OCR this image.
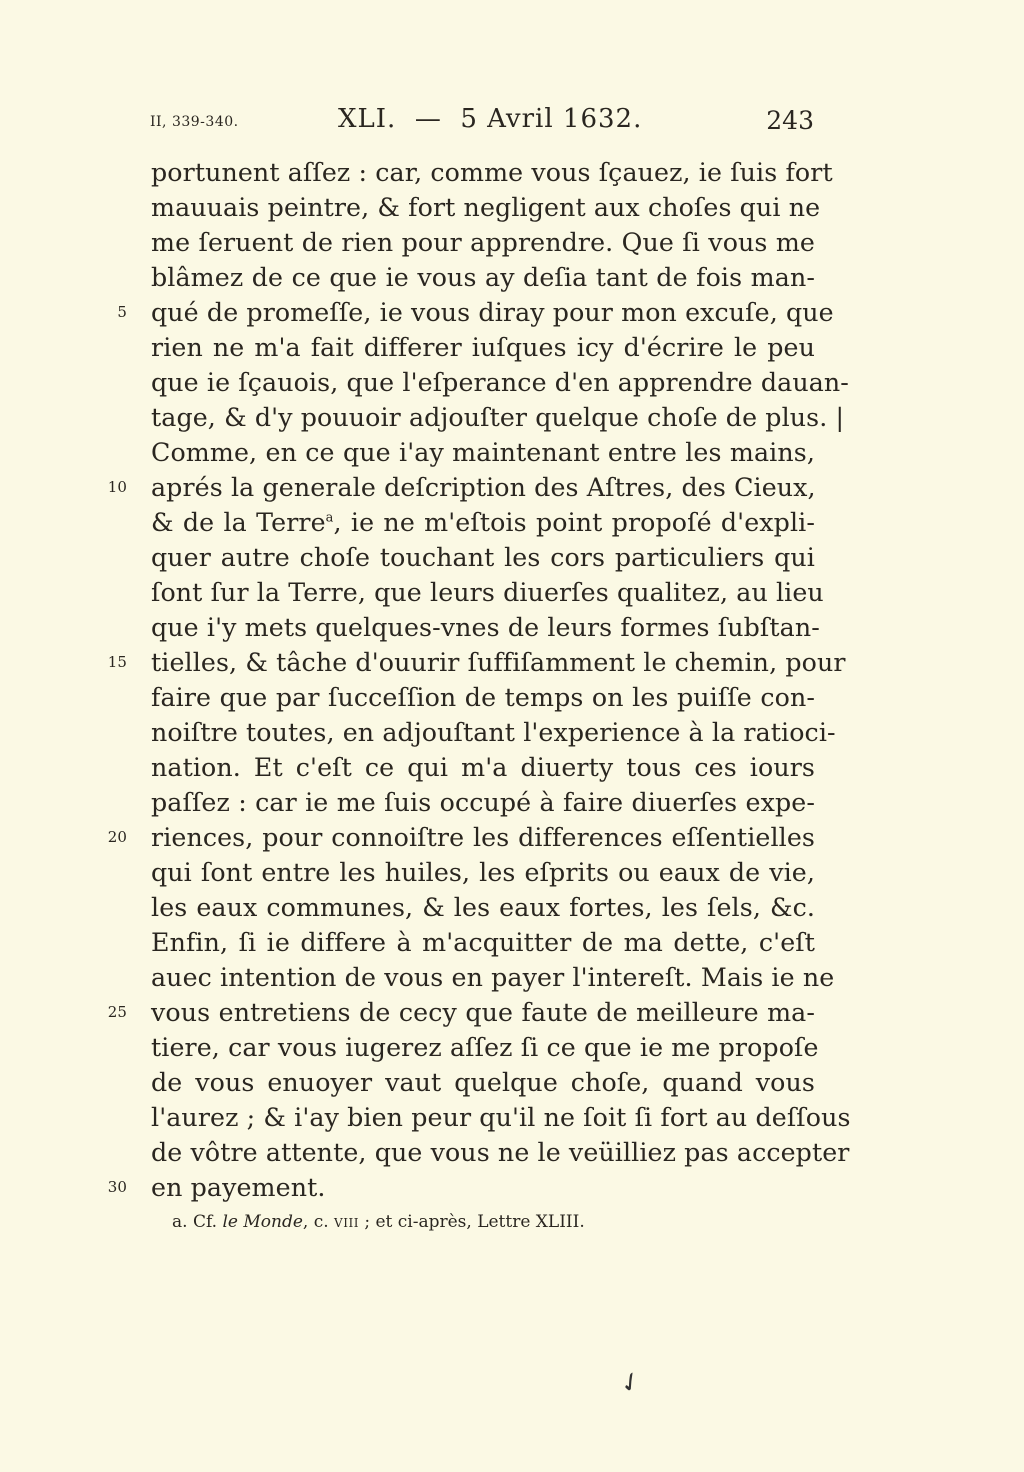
II, 339-340.	XLI.  —  5 Avril 1632.	243
portunent aſſez : car, comme vous ſçauez, ie ſuis fort
mauuais peintre, & fort negligent aux choſes qui ne
me ſeruent de rien pour apprendre. Que ſi vous me
blâmez de ce que ie vous ay deſia tant de fois man-
5 qué de promeſſe, ie vous diray pour mon excuſe, que
rien ne m'a fait differer iuſques icy d'écrire le peu
que ie ſçauois, que l'eſperance d'en apprendre dauan-
tage, & d'y pouuoir adjouſter quelque choſe de plus. |
Comme, en ce que i'ay maintenant entre les mains,
10 aprés la generale deſcription des Aſtres, des Cieux,
& de la Terre$^a$, ie ne m'eſtois point propoſé d'expli-
quer autre choſe touchant les cors particuliers qui
ſont ſur la Terre, que leurs diuerſes qualitez, au lieu
que i'y mets quelques-vnes de leurs formes ſubſtan-
15 tielles, & tâche d'ouurir ſuffiſamment le chemin, pour
faire que par ſucceſſion de temps on les puiſſe con-
noiſtre toutes, en adjouſtant l'experience à la ratioci-
nation. Et c'eſt ce qui m'a diuerty tous ces iours
paſſez : car ie me ſuis occupé à faire diuerſes expe-
20 riences, pour connoiſtre les differences eſſentielles
qui ſont entre les huiles, les eſprits ou eaux de vie,
les eaux communes, & les eaux fortes, les ſels, &c.
Enfin, ſi ie differe à m'acquitter de ma dette, c'eſt
auec intention de vous en payer l'intereſt. Mais ie ne
25 vous entretiens de cecy que faute de meilleure ma-
tiere, car vous iugerez aſſez ſi ce que ie me propoſe
de vous enuoyer vaut quelque choſe, quand vous
l'aurez ; & i'ay bien peur qu'il ne ſoit ſi fort au deſſous
de vôtre attente, que vous ne le veüilliez pas accepter
30 en payement.
a. Cf. le Monde, c. VIII ; et ci-après, Lettre XLIII.
✓
